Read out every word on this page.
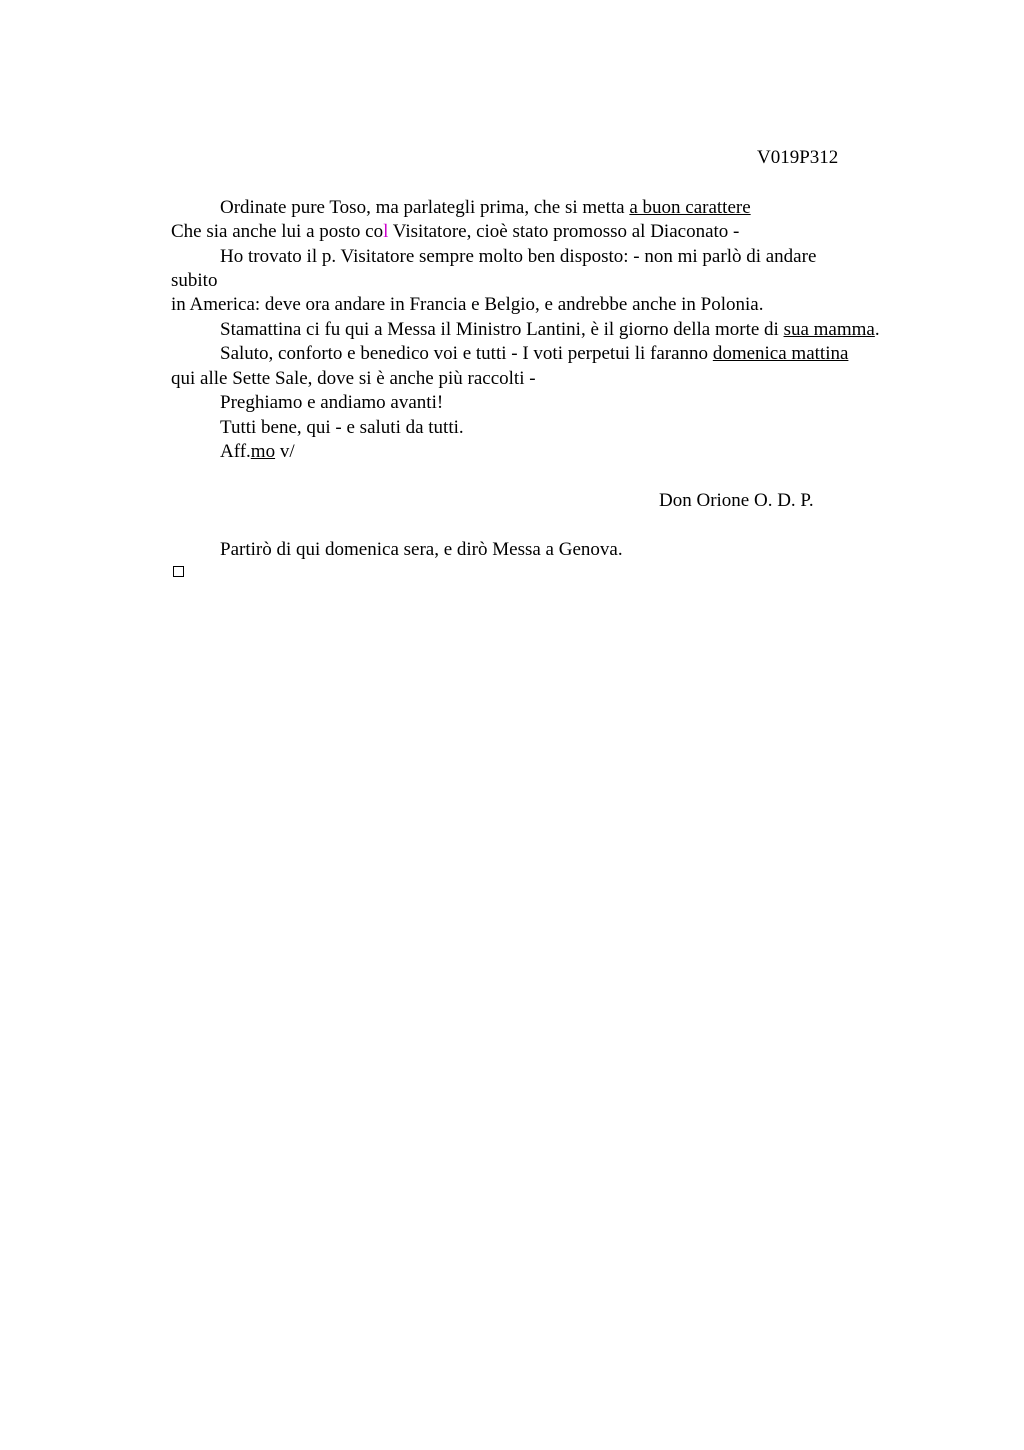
V019P312
Ordinate pure Toso, ma parlategli prima, che si metta a buon carattere
Che sia anche lui a posto col Visitatore, cioè stato promosso al Diaconato -
Ho trovato il p. Visitatore sempre molto ben disposto: - non mi parlò di andare
subito
in America: deve ora andare in Francia e Belgio, e andrebbe anche in Polonia.
Stamattina ci fu qui a Messa il Ministro Lantini, è il giorno della morte di sua mamma.
Saluto, conforto e benedico voi e tutti - I voti perpetui li faranno domenica mattina
qui alle Sette Sale, dove si è anche più raccolti -
Preghiamo e andiamo avanti!
Tutti bene, qui - e saluti da tutti.
Aff.mo v/
Don Orione O. D. P.
Partirò di qui domenica sera, e dirò Messa a Genova.
